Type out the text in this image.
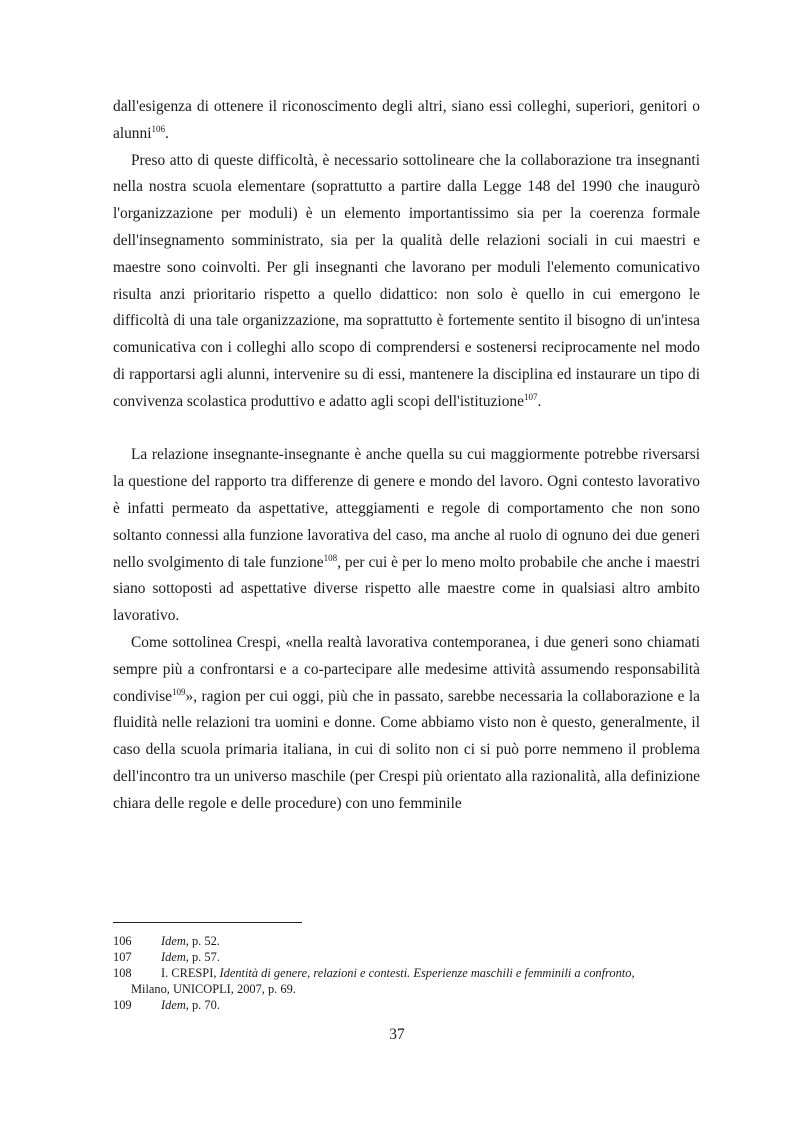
dall'esigenza di ottenere il riconoscimento degli altri, siano essi colleghi, superiori, genitori o alunni$^{106}$.

Preso atto di queste difficoltà, è necessario sottolineare che la collaborazione tra insegnanti nella nostra scuola elementare (soprattutto a partire dalla Legge 148 del 1990 che inaugurò l'organizzazione per moduli) è un elemento importantissimo sia per la coerenza formale dell'insegnamento somministrato, sia per la qualità delle relazioni sociali in cui maestri e maestre sono coinvolti. Per gli insegnanti che lavorano per moduli l'elemento comunicativo risulta anzi prioritario rispetto a quello didattico: non solo è quello in cui emergono le difficoltà di una tale organizzazione, ma soprattutto è fortemente sentito il bisogno di un'intesa comunicativa con i colleghi allo scopo di comprendersi e sostenersi reciprocamente nel modo di rapportarsi agli alunni, intervenire su di essi, mantenere la disciplina ed instaurare un tipo di convivenza scolastica produttivo e adatto agli scopi dell'istituzione$^{107}$.

La relazione insegnante-insegnante è anche quella su cui maggiormente potrebbe riversarsi la questione del rapporto tra differenze di genere e mondo del lavoro. Ogni contesto lavorativo è infatti permeato da aspettative, atteggiamenti e regole di comportamento che non sono soltanto connessi alla funzione lavorativa del caso, ma anche al ruolo di ognuno dei due generi nello svolgimento di tale funzione$^{108}$, per cui è per lo meno molto probabile che anche i maestri siano sottoposti ad aspettative diverse rispetto alle maestre come in qualsiasi altro ambito lavorativo.

Come sottolinea Crespi, «nella realtà lavorativa contemporanea, i due generi sono chiamati sempre più a confrontarsi e a co-partecipare alle medesime attività assumendo responsabilità condivise$^{109}$», ragion per cui oggi, più che in passato, sarebbe necessaria la collaborazione e la fluidità nelle relazioni tra uomini e donne. Come abbiamo visto non è questo, generalmente, il caso della scuola primaria italiana, in cui di solito non ci si può porre nemmeno il problema dell'incontro tra un universo maschile (per Crespi più orientato alla razionalità, alla definizione chiara delle regole e delle procedure) con uno femminile

106	Idem, p. 52.
107	Idem, p. 57.
108	I. CRESPI, Identità di genere, relazioni e contesti. Esperienze maschili e femminili a confronto,
Milano, UNICOPLI, 2007, p. 69.
109	Idem, p. 70.
37
